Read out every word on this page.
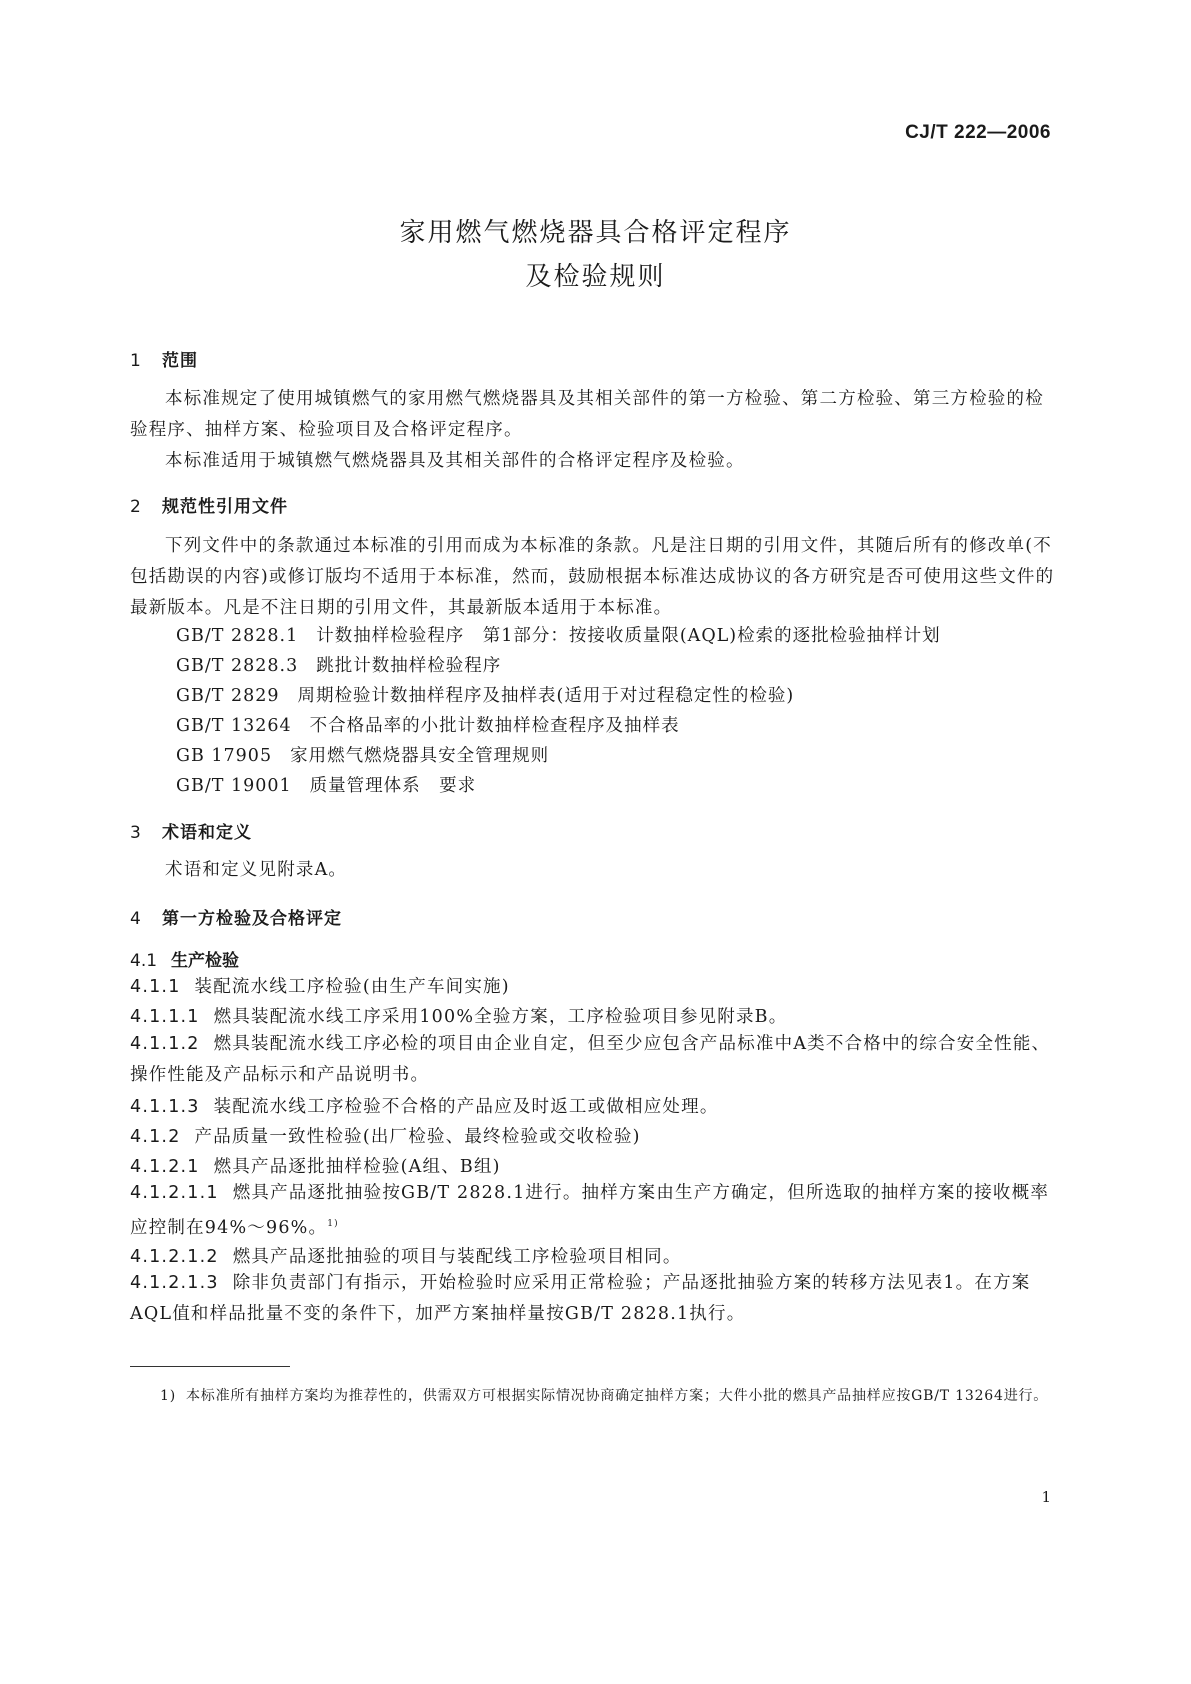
CJ/T 222—2006
家用燃气燃烧器具合格评定程序
及检验规则
1 范围
本标准规定了使用城镇燃气的家用燃气燃烧器具及其相关部件的第一方检验、第二方检验、第三方检验的检验程序、抽样方案、检验项目及合格评定程序。
本标准适用于城镇燃气燃烧器具及其相关部件的合格评定程序及检验。
2 规范性引用文件
下列文件中的条款通过本标准的引用而成为本标准的条款。凡是注日期的引用文件，其随后所有的修改单(不包括勘误的内容)或修订版均不适用于本标准，然而，鼓励根据本标准达成协议的各方研究是否可使用这些文件的最新版本。凡是不注日期的引用文件，其最新版本适用于本标准。
GB/T 2828.1 计数抽样检验程序　第1部分：按接收质量限(AQL)检索的逐批检验抽样计划
GB/T 2828.3 跳批计数抽样检验程序
GB/T 2829 周期检验计数抽样程序及抽样表(适用于对过程稳定性的检验)
GB/T 13264 不合格品率的小批计数抽样检查程序及抽样表
GB 17905 家用燃气燃烧器具安全管理规则
GB/T 19001 质量管理体系　要求
3 术语和定义
术语和定义见附录A。
4 第一方检验及合格评定
4.1 生产检验
4.1.1 装配流水线工序检验(由生产车间实施)
4.1.1.1 燃具装配流水线工序采用100%全验方案，工序检验项目参见附录B。
4.1.1.2 燃具装配流水线工序必检的项目由企业自定，但至少应包含产品标准中A类不合格中的综合安全性能、操作性能及产品标示和产品说明书。
4.1.1.3 装配流水线工序检验不合格的产品应及时返工或做相应处理。
4.1.2 产品质量一致性检验(出厂检验、最终检验或交收检验)
4.1.2.1 燃具产品逐批抽样检验(A组、B组)
4.1.2.1.1 燃具产品逐批抽验按GB/T 2828.1进行。抽样方案由生产方确定，但所选取的抽样方案的接收概率应控制在94%～96%。$^{1)}$
4.1.2.1.2 燃具产品逐批抽验的项目与装配线工序检验项目相同。
4.1.2.1.3 除非负责部门有指示，开始检验时应采用正常检验；产品逐批抽验方案的转移方法见表1。在方案AQL值和样品批量不变的条件下，加严方案抽样量按GB/T 2828.1执行。
1) 本标准所有抽样方案均为推荐性的，供需双方可根据实际情况协商确定抽样方案；大件小批的燃具产品抽样应按GB/T 13264进行。
1
